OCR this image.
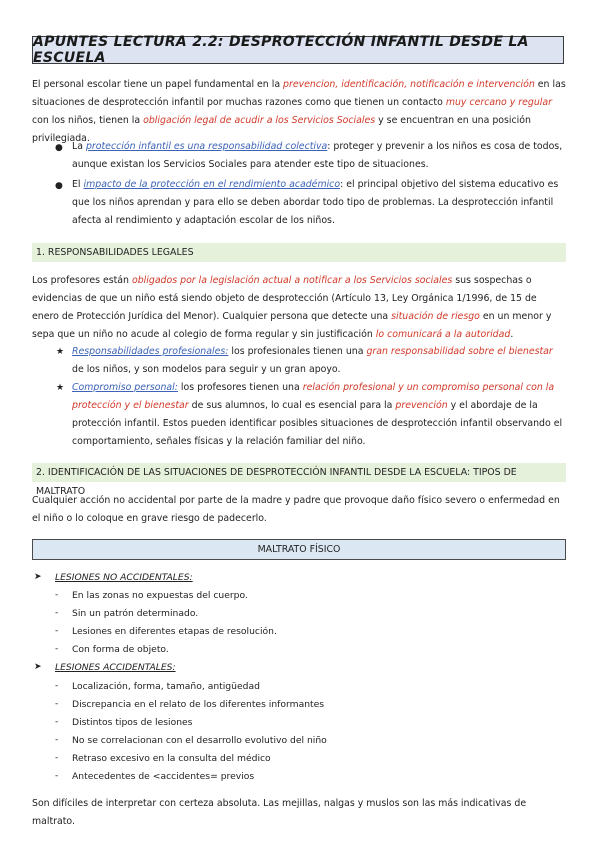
APUNTES LECTURA 2.2: DESPROTECCIÓN INFANTIL DESDE LA ESCUELA
El personal escolar tiene un papel fundamental en la prevencion, identificación, notificación e intervención en las situaciones de desprotección infantil por muchas razones como que tienen un contacto muy cercano y regular con los niños, tienen la obligación legal de acudir a los Servicios Sociales y se encuentran en una posición privilegiada.
● La protección infantil es una responsabilidad colectiva: proteger y prevenir a los niños es cosa de todos, aunque existan los Servicios Sociales para atender este tipo de situaciones.
● El impacto de la protección en el rendimiento académico: el principal objetivo del sistema educativo es que los niños aprendan y para ello se deben abordar todo tipo de problemas. La desprotección infantil afecta al rendimiento y adaptación escolar de los niños.
1. RESPONSABILIDADES LEGALES
Los profesores están obligados por la legislación actual a notificar a los Servicios sociales sus sospechas o evidencias de que un niño está siendo objeto de desprotección (Artículo 13, Ley Orgánica 1/1996, de 15 de enero de Protección Jurídica del Menor). Cualquier persona que detecte una situación de riesgo en un menor y sepa que un niño no acude al colegio de forma regular y sin justificación lo comunicará a la autoridad.
★ Responsabilidades profesionales: los profesionales tienen una gran responsabilidad sobre el bienestar de los niños, y son modelos para seguir y un gran apoyo.
★ Compromiso personal: los profesores tienen una relación profesional y un compromiso personal con la protección y el bienestar de sus alumnos, lo cual es esencial para la prevención y el abordaje de la protección infantil. Estos pueden identificar posibles situaciones de desprotección infantil observando el comportamiento, señales físicas y la relación familiar del niño.
2. IDENTIFICACIÓN DE LAS SITUACIONES DE DESPROTECCIÓN INFANTIL DESDE LA ESCUELA: TIPOS DE MALTRATO
Cualquier acción no accidental por parte de la madre y padre que provoque daño físico severo o enfermedad en el niño o lo coloque en grave riesgo de padecerlo.
MALTRATO FÍSICO
➤ LESIONES NO ACCIDENTALES:
- En las zonas no expuestas del cuerpo.
- Sin un patrón determinado.
- Lesiones en diferentes etapas de resolución.
- Con forma de objeto.
➤ LESIONES ACCIDENTALES:
- Localización, forma, tamaño, antigüedad
- Discrepancia en el relato de los diferentes informantes
- Distintos tipos de lesiones
- No se correlacionan con el desarrollo evolutivo del niño
- Retraso excesivo en la consulta del médico
- Antecedentes de <accidentes= previos
Son difíciles de interpretar con certeza absoluta. Las mejillas, nalgas y muslos son las más indicativas de maltrato.
